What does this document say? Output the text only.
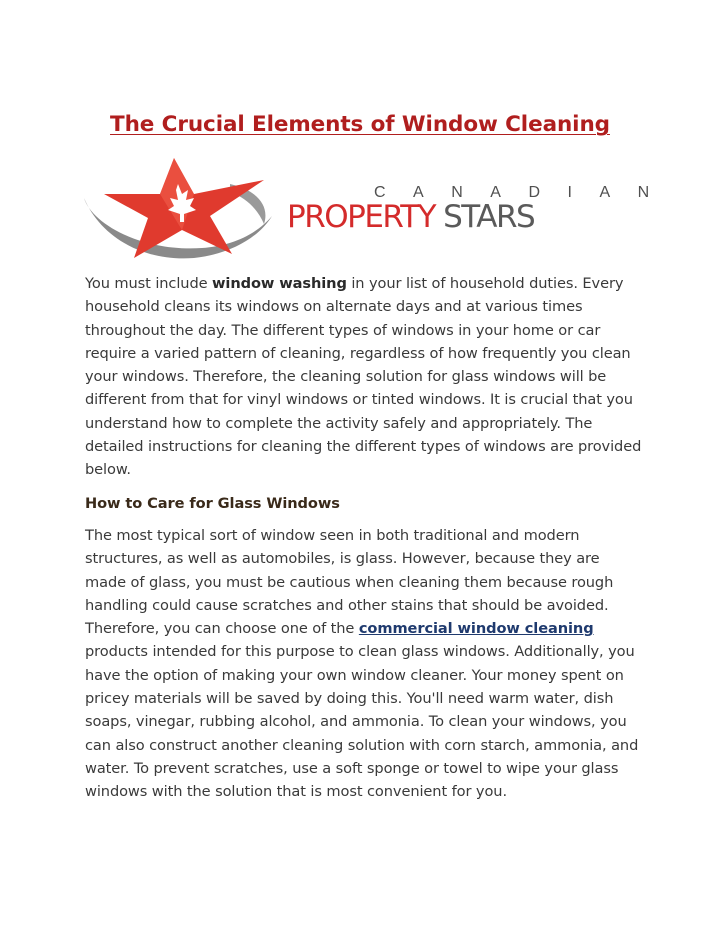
The Crucial Elements of Window Cleaning
CANADIAN
PROPERTY STARS

You must include window washing in your list of household duties. Every household cleans its windows on alternate days and at various times throughout the day. The different types of windows in your home or car require a varied pattern of cleaning, regardless of how frequently you clean your windows. Therefore, the cleaning solution for glass windows will be different from that for vinyl windows or tinted windows. It is crucial that you understand how to complete the activity safely and appropriately. The detailed instructions for cleaning the different types of windows are provided below.

How to Care for Glass Windows

The most typical sort of window seen in both traditional and modern structures, as well as automobiles, is glass. However, because they are made of glass, you must be cautious when cleaning them because rough handling could cause scratches and other stains that should be avoided. Therefore, you can choose one of the commercial window cleaning products intended for this purpose to clean glass windows. Additionally, you have the option of making your own window cleaner. Your money spent on pricey materials will be saved by doing this. You'll need warm water, dish soaps, vinegar, rubbing alcohol, and ammonia. To clean your windows, you can also construct another cleaning solution with corn starch, ammonia, and water. To prevent scratches, use a soft sponge or towel to wipe your glass windows with the solution that is most convenient for you.
